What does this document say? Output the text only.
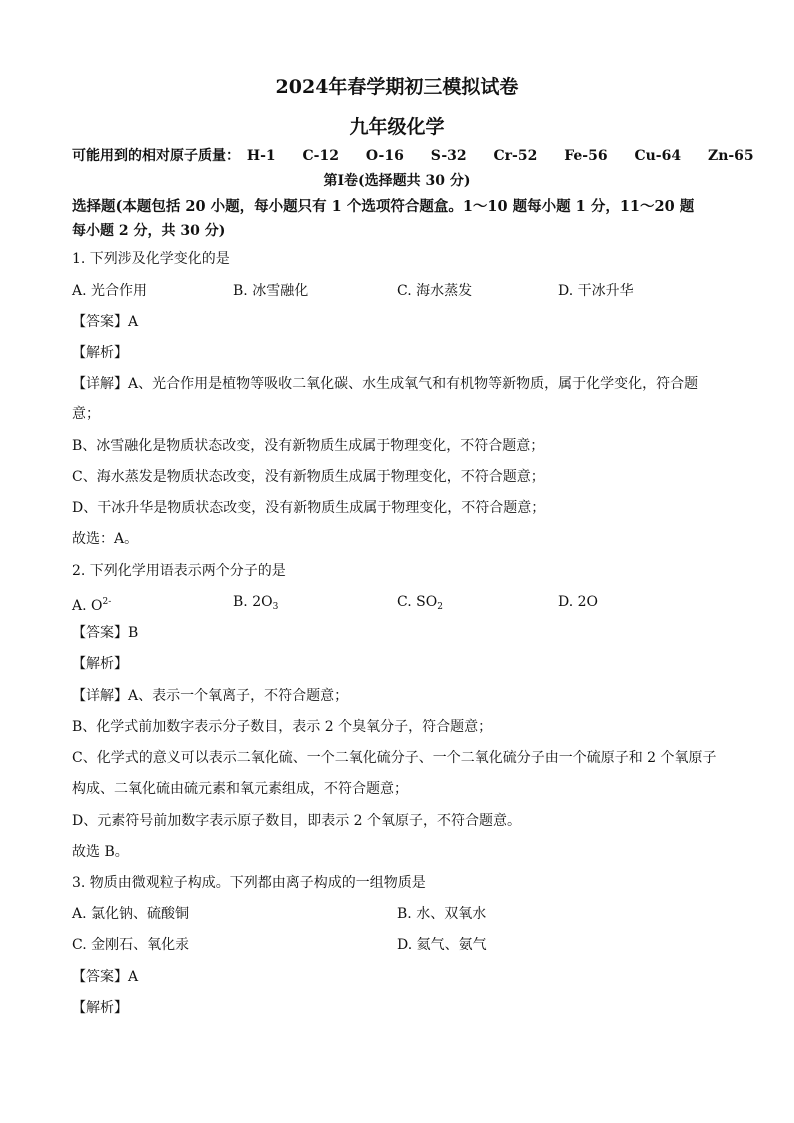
2024年春学期初三模拟试卷
九年级化学
可能用到的相对原子质量： H-1 C-12 O-16 S-32 Cr-52 Fe-56 Cu-64 Zn-65
第Ⅰ卷(选择题共 30 分)
选择题(本题包括 20 小题，每小题只有 1 个选项符合题盒。1～10 题每小题 1 分，11～20 题
每小题 2 分，共 30 分)
1. 下列涉及化学变化的是
A. 光合作用	B. 冰雪融化	C. 海水蒸发	D. 干冰升华
【答案】A
【解析】
【详解】A、光合作用是植物等吸收二氧化碳、水生成氧气和有机物等新物质，属于化学变化，符合题
意；
B、冰雪融化是物质状态改变，没有新物质生成属于物理变化，不符合题意；
C、海水蒸发是物质状态改变，没有新物质生成属于物理变化，不符合题意；
D、干冰升华是物质状态改变，没有新物质生成属于物理变化，不符合题意；
故选：A。
2. 下列化学用语表示两个分子的是
A. $O^{2-}$	B. $2O_3$	C. $SO_2$	D. 2O
【答案】B
【解析】
【详解】A、表示一个氧离子，不符合题意；
B、化学式前加数字表示分子数目，表示 2 个臭氧分子，符合题意；
C、化学式的意义可以表示二氧化硫、一个二氧化硫分子、一个二氧化硫分子由一个硫原子和 2 个氧原子
构成、二氧化硫由硫元素和氧元素组成，不符合题意；
D、元素符号前加数字表示原子数目，即表示 2 个氧原子，不符合题意。
故选 B。
3. 物质由微观粒子构成。下列都由离子构成的一组物质是
A. 氯化钠、硫酸铜	B. 水、双氧水
C. 金刚石、氧化汞	D. 氦气、氨气
【答案】A
【解析】
